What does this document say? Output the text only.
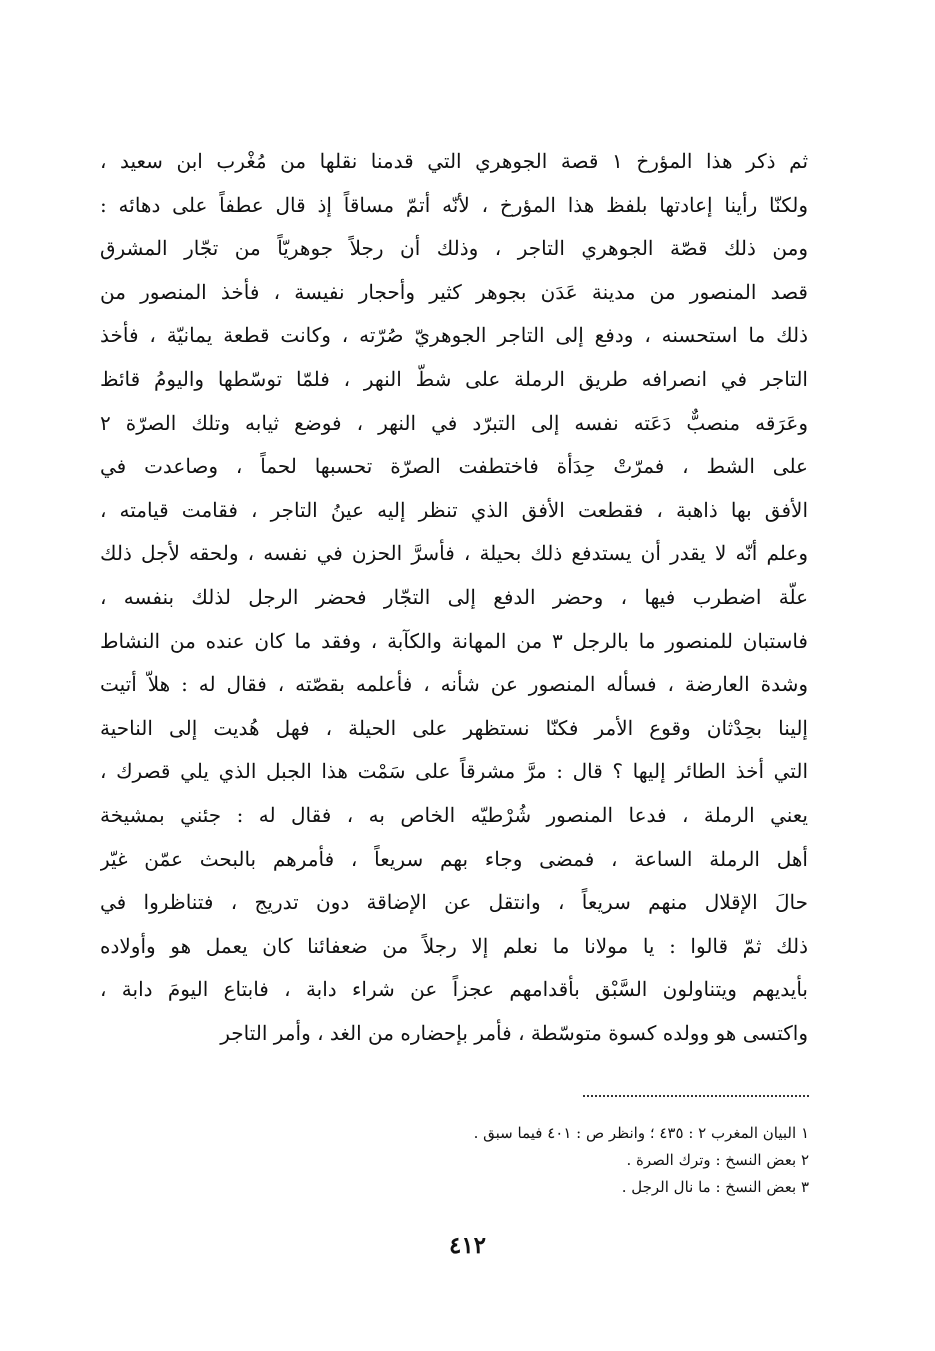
ثم ذكر هذا المؤرخ ١ قصة الجوهري التي قدمنا نقلها من مُغْرب ابن سعيد ،
ولكنّا رأينا إعادتها بلفظ هذا المؤرخ ، لأنّه أتمّ مساقاً إذ قال عطفاً على دهائه :
ومن ذلك قصّة الجوهري التاجر ، وذلك أن رجلاً جوهريّاً من تجّار المشرق
قصد المنصور من مدينة عَدَن بجوهر كثير وأحجار نفيسة ، فأخذ المنصور من
ذلك ما استحسنه ، ودفع إلى التاجر الجوهريّ صُرّته ، وكانت قطعة يمانيّة ، فأخذ
التاجر في انصرافه طريق الرملة على شطّ النهر ، فلمّا توسّطها واليومُ قائظ
وعَرَقه منصبٌّ دَعَته نفسه إلى التبرّد في النهر ، فوضع ثيابه وتلك الصرّة ٢
على الشط ، فمرّتْ حِدَأة فاختطفت الصرّة تحسبها لحماً ، وصاعدت في
الأفق بها ذاهبة ، فقطعت الأفق الذي تنظر إليه عينُ التاجر ، فقامت قيامته ،
وعلم أنّه لا يقدر أن يستدفع ذلك بحيلة ، فأسرَّ الحزن في نفسه ، ولحقه لأجل ذلك
علّة اضطرب فيها ، وحضر الدفع إلى التجّار فحضر الرجل لذلك بنفسه ،
فاستبان للمنصور ما بالرجل ٣ من المهانة والكآبة ، وفقد ما كان عنده من النشاط
وشدة العارضة ، فسأله المنصور عن شأنه ، فأعلمه بقصّته ، فقال له : هلاّ أتيت
إلينا بحِدْثان وقوع الأمر فكنّا نستظهر على الحيلة ، فهل هُديت إلى الناحية
التي أخذ الطائر إليها ؟ قال : مرَّ مشرقاً على سَمْت هذا الجبل الذي يلي قصرك ،
يعني الرملة ، فدعا المنصور شُرْطيّه الخاص به ، فقال له : جئني بمشيخة
أهل الرملة الساعة ، فمضى وجاء بهم سريعاً ، فأمرهم بالبحث عمّن غيّر
حالَ الإقلال منهم سريعاً ، وانتقل عن الإضاقة دون تدريج ، فتناظروا في
ذلك ثمّ قالوا : يا مولانا ما نعلم إلا رجلاً من ضعفائنا كان يعمل هو وأولاده
بأيديهم ويتناولون السَّبْق بأقدامهم عجزاً عن شراء دابة ، فابتاع اليومَ دابة ،
واكتسى هو وولده كسوة متوسّطة ، فأمر بإحضاره من الغد ، وأمر التاجر
١ البيان المغرب ٢ : ٤٣٥ ؛ وانظر ص : ٤٠١ فيما سبق .
٢ بعض النسخ : وترك الصرة .
٣ بعض النسخ : ما نال الرجل .
٤١٢
